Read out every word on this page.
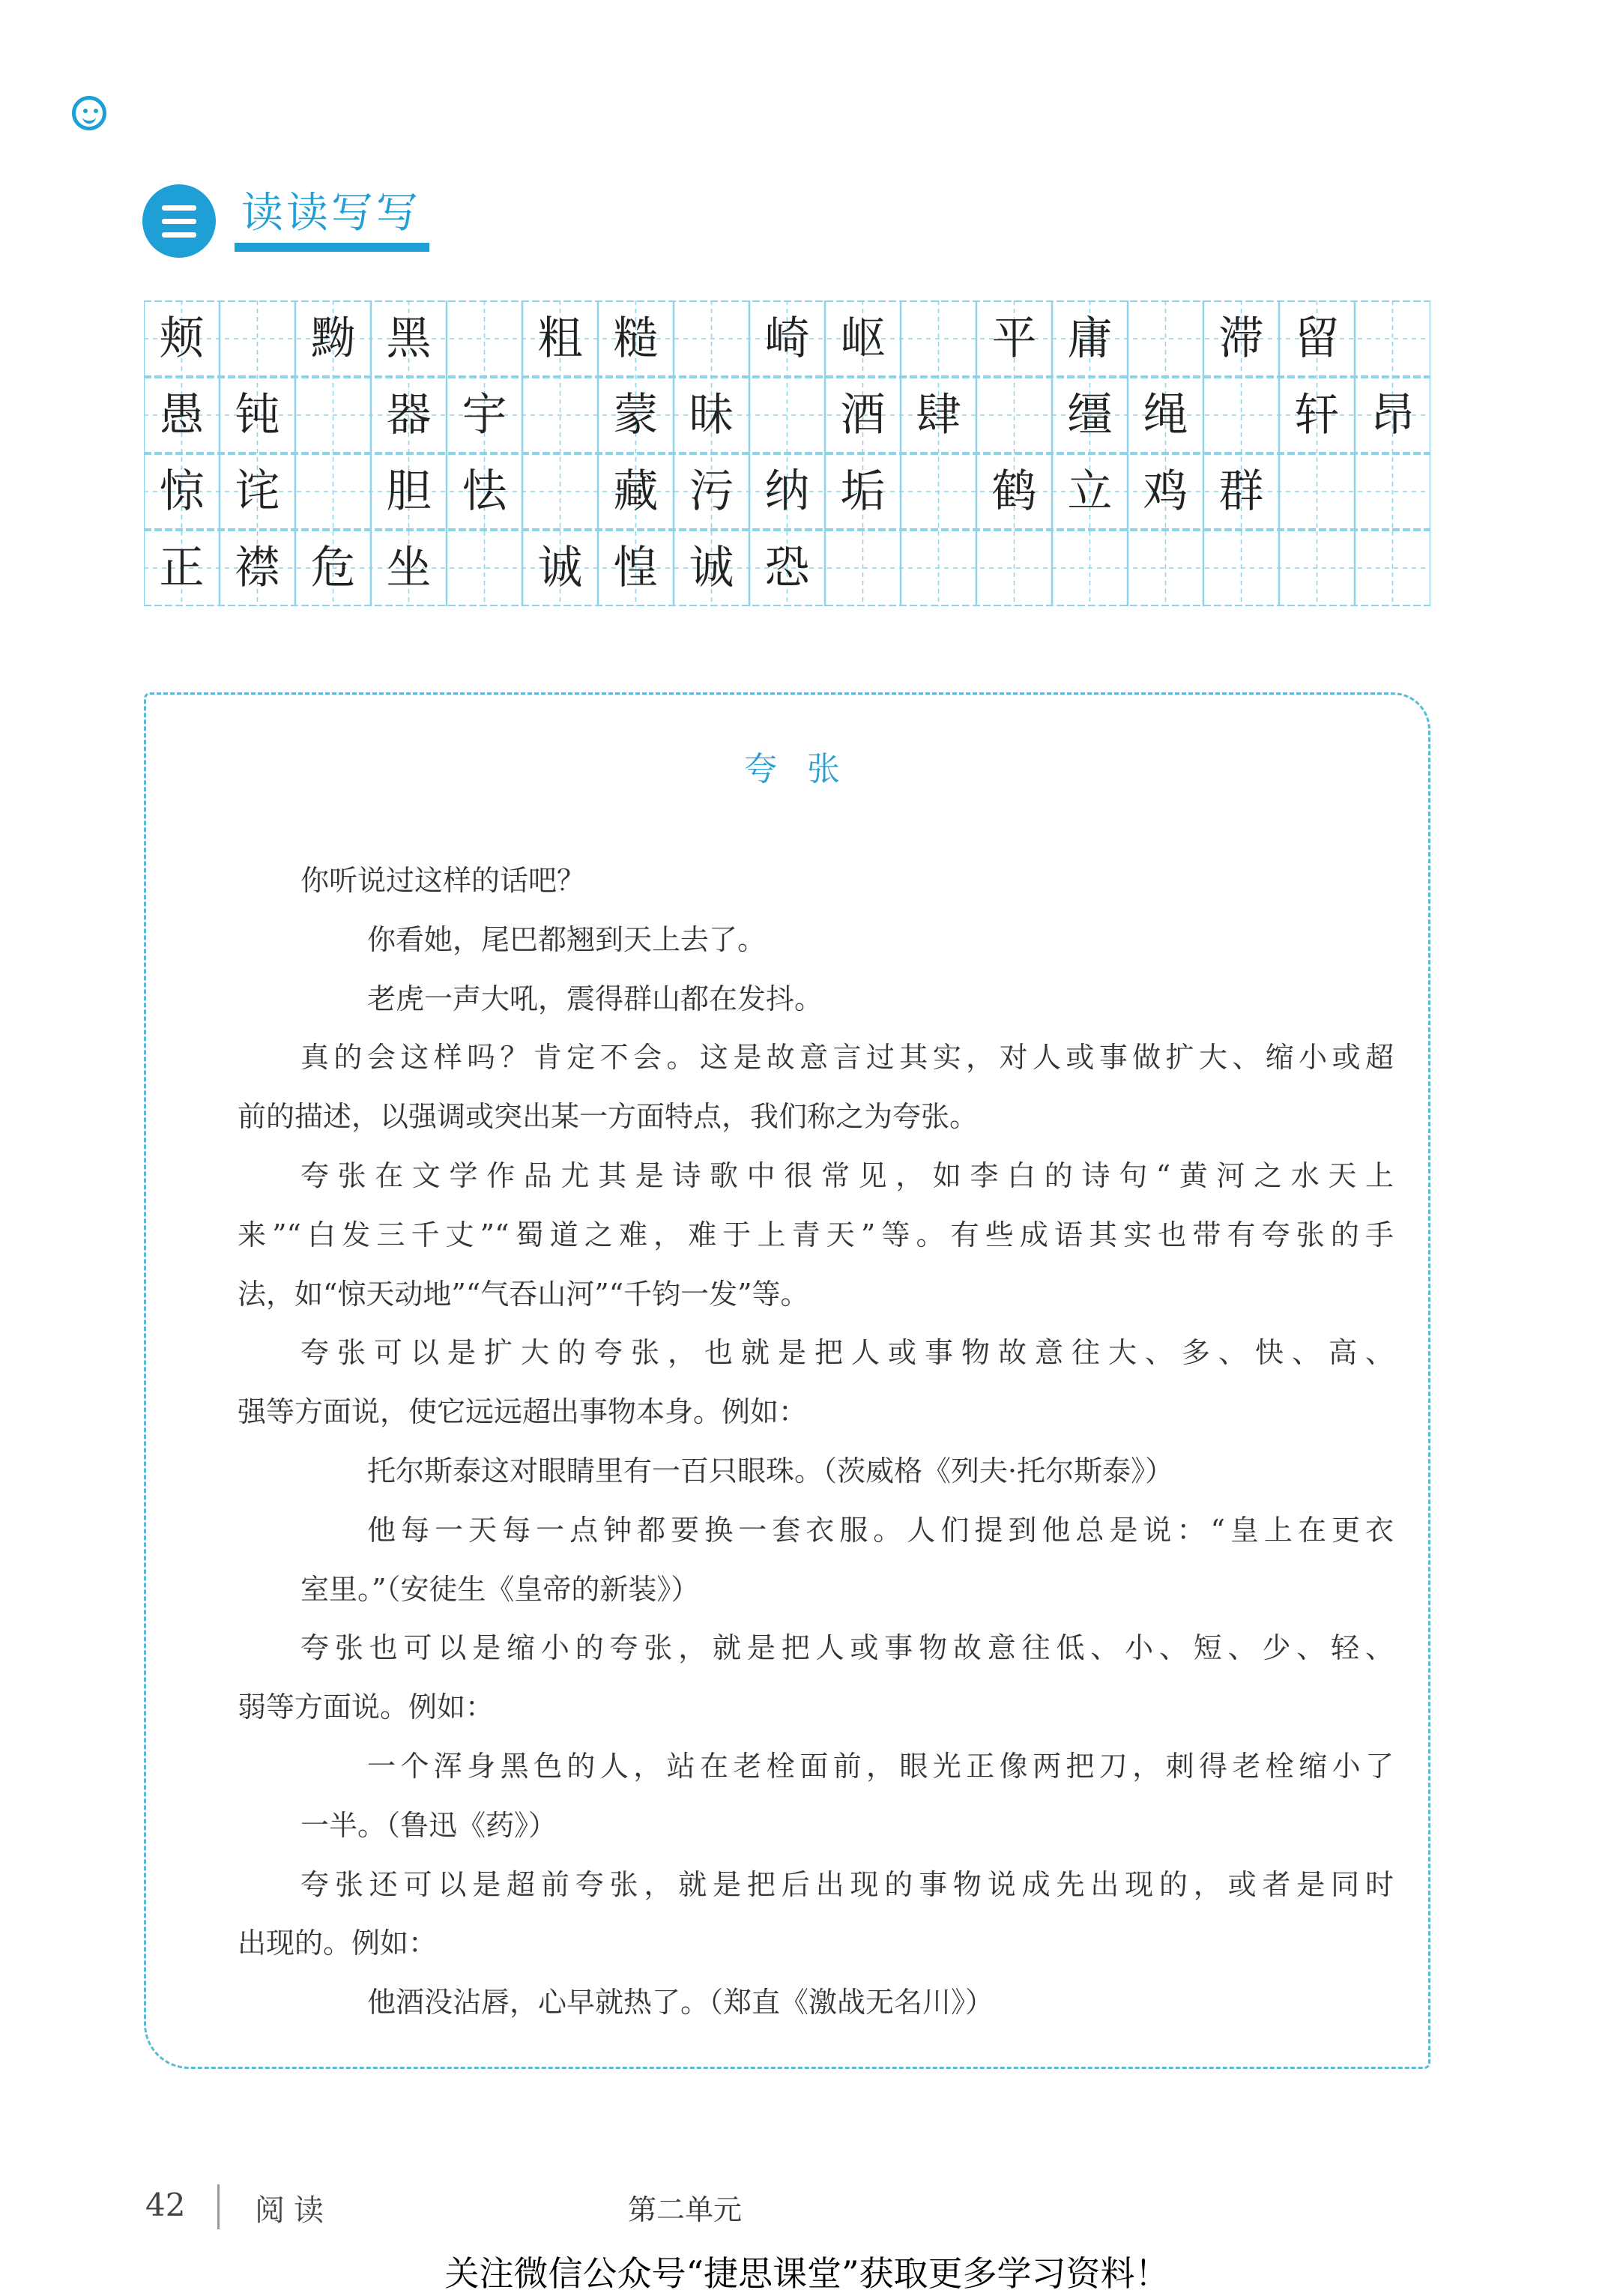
读读写写
颊	黝 黑	粗 糙	崎 岖	平 庸	滞 留
愚 钝	器 宇	蒙 昧	酒 肆	缰 绳	轩 昂
惊 诧	胆 怯	藏 污 纳 垢	鹤 立 鸡 群
正 襟 危 坐	诚 惶 诚 恐
夸张
你听说过这样的话吧？
你看她，尾巴都翘到天上去了。
老虎一声大吼，震得群山都在发抖。
真的会这样吗？肯定不会。这是故意言过其实，对人或事做扩大、缩小或超
前的描述，以强调或突出某一方面特点，我们称之为夸张。
夸张在文学作品尤其是诗歌中很常见，如李白的诗句“黄河之水天上
来”“白发三千丈”“蜀道之难，难于上青天”等。有些成语其实也带有夸张的手
法，如“惊天动地”“气吞山河”“千钧一发”等。
夸张可以是扩大的夸张，也就是把人或事物故意往大、多、快、高、
强等方面说，使它远远超出事物本身。例如：
托尔斯泰这对眼睛里有一百只眼珠。（茨威格《列夫·托尔斯泰》）
他每一天每一点钟都要换一套衣服。人们提到他总是说：“皇上在更衣
室里。”（安徒生《皇帝的新装》）
夸张也可以是缩小的夸张，就是把人或事物故意往低、小、短、少、轻、
弱等方面说。例如：
一个浑身黑色的人，站在老栓面前，眼光正像两把刀，刺得老栓缩小了
一半。（鲁迅《药》）
夸张还可以是超前夸张，就是把后出现的事物说成先出现的，或者是同时
出现的。例如：
他酒没沾唇，心早就热了。（郑直《激战无名川》）
42 阅读	第二单元
关注微信公众号“捷思课堂”获取更多学习资料！
